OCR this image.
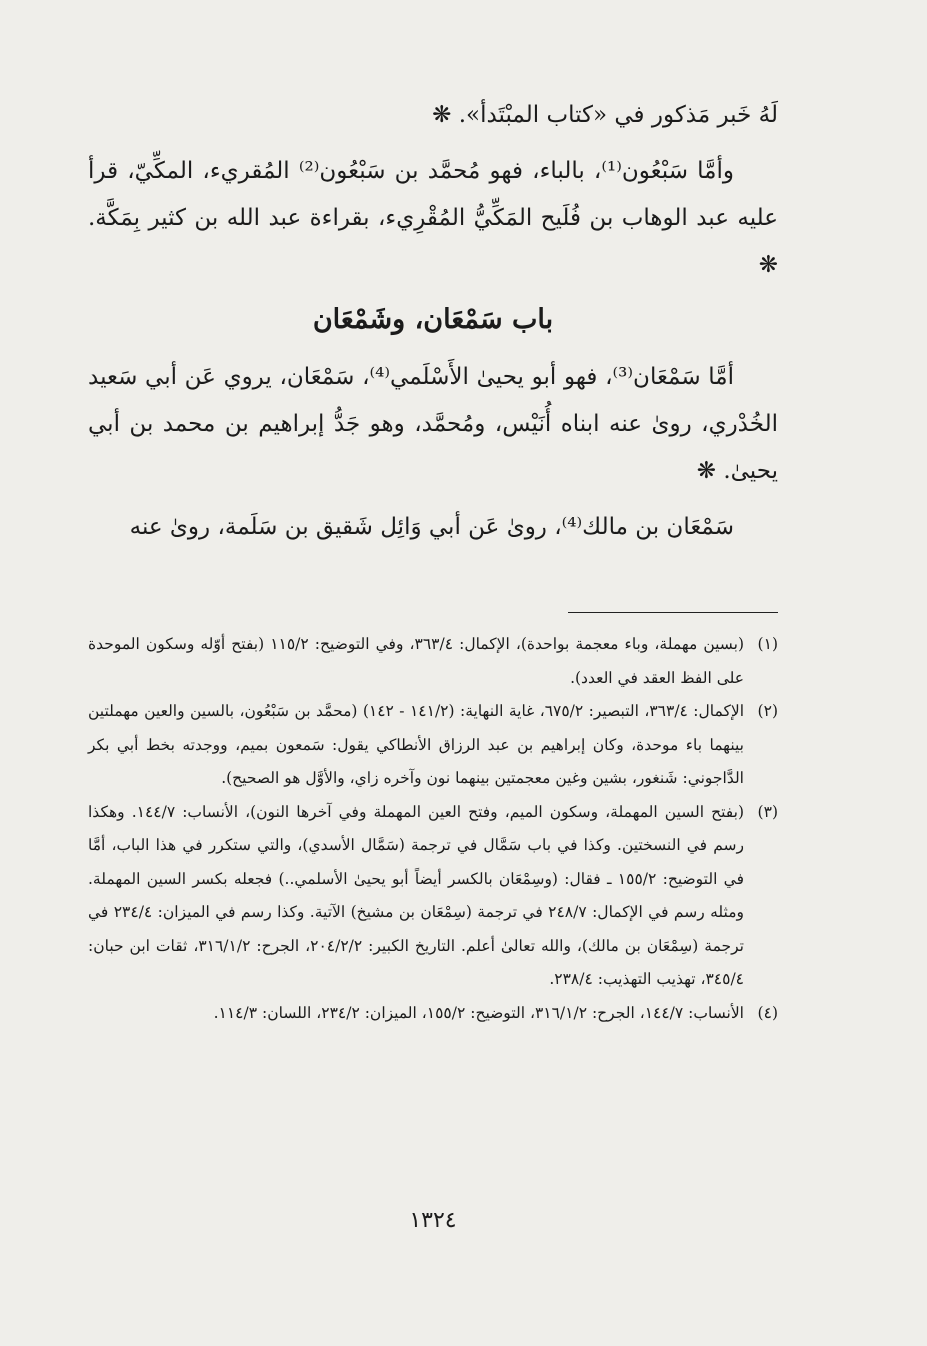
لَهُ خَبر مَذكور في «كتاب المبْتَدأ». ❋

وأمَّا سَبْعُون⁽¹⁾، بالباء، فهو مُحمَّد بن سَبْعُون⁽²⁾ المُقريء، المكِّيّ، قرأ عليه عبد الوهاب بن فُلَيح المَكِّيُّ المُقْرِيء، بقراءة عبد الله بن كثير بِمَكَّة. ❋

باب سَمْعَان، وشَمْعَان

أمَّا سَمْعَان⁽³⁾، فهو أبو يحيىٰ الأَسْلَمي⁽⁴⁾، سَمْعَان، يروي عَن أبي سَعيد الخُدْري، روىٰ عنه ابناه أُنَيْس، ومُحمَّد، وهو جَدُّ إبراهيم بن محمد بن أبي يحيىٰ. ❋

سَمْعَان بن مالك⁽⁴⁾، روىٰ عَن أبي وَائِل شَقيق بن سَلَمة، روىٰ عنه

(١)
(بسين مهملة، وباء معجمة بواحدة)، الإكمال: ٣٦٣/٤، وفي التوضيح: ١١٥/٢ (بفتح أوّله وسكون الموحدة على الفظ العقد في العدد).
(٢)
الإكمال: ٣٦٣/٤، التبصير: ٦٧٥/٢، غاية النهاية: (١٤١/٢ - ١٤٢) (محمَّد بن سَبْعُون، بالسين والعين مهملتين بينهما باء موحدة، وكان إبراهيم بن عبد الرزاق الأنطاكي يقول: سَمعون بميم، ووجدته بخط أبي بكر الدَّاجوني: شَنغور، بشين وغين معجمتين بينهما نون وآخره زاي، والأوَّل هو الصحيح).
(٣)
(بفتح السين المهملة، وسكون الميم، وفتح العين المهملة وفي آخرها النون)، الأنساب: ١٤٤/٧. وهكذا رسم في النسختين. وكذا في باب سَمَّال في ترجمة (سَمَّال الأسدي)، والتي ستكرر في هذا الباب، أمَّا في التوضيح: ١٥٥/٢ ـ فقال: (وسِمْعَان بالكسر أيضاً أبو يحيىٰ الأسلمي..) فجعله بكسر السين المهملة. ومثله رسم في الإكمال: ٢٤٨/٧ في ترجمة (سِمْعَان بن مشيخ) الآتية. وكذا رسم في الميزان: ٢٣٤/٤ في ترجمة (سِمْعَان بن مالك)، والله تعالىٰ أعلم. التاريخ الكبير: ٢٠٤/٢/٢، الجرح: ٣١٦/١/٢، ثقات ابن حبان: ٣٤٥/٤، تهذيب التهذيب: ٢٣٨/٤.
(٤)
الأنساب: ١٤٤/٧، الجرح: ٣١٦/١/٢، التوضيح: ١٥٥/٢، الميزان: ٢٣٤/٢، اللسان: ١١٤/٣.
١٣٢٤
